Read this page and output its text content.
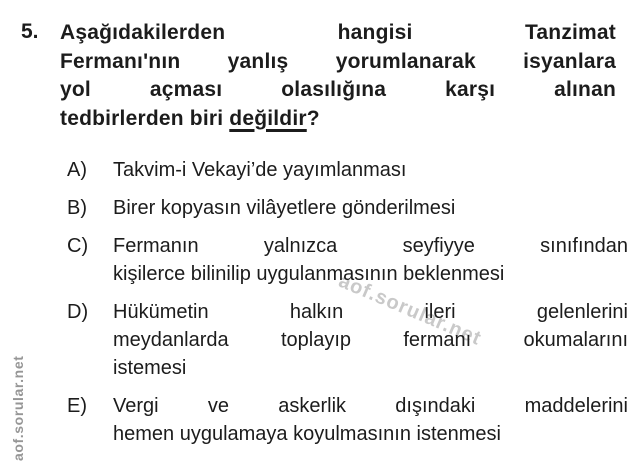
aof.sorular.net
aof.sorular.net
5. Aşağıdakilerden hangisi Tanzimat
Fermanı'nın yanlış yorumlanarak isyanlara
yol açması olasılığına karşı alınan
tedbirlerden biri değildir?
A)	Takvim-i Vekayi’de yayımlanması
B)	Birer kopyasın vilâyetlere gönderilmesi
C)	Fermanın yalnızca seyfiyye sınıfından
kişilerce bilinilip uygulanmasının beklenmesi
D)	Hükümetin halkın ileri gelenlerini
meydanlarda toplayıp fermanı okumalarını
istemesi
E)	Vergi ve askerlik dışındaki maddelerini
hemen uygulamaya koyulmasının istenmesi
